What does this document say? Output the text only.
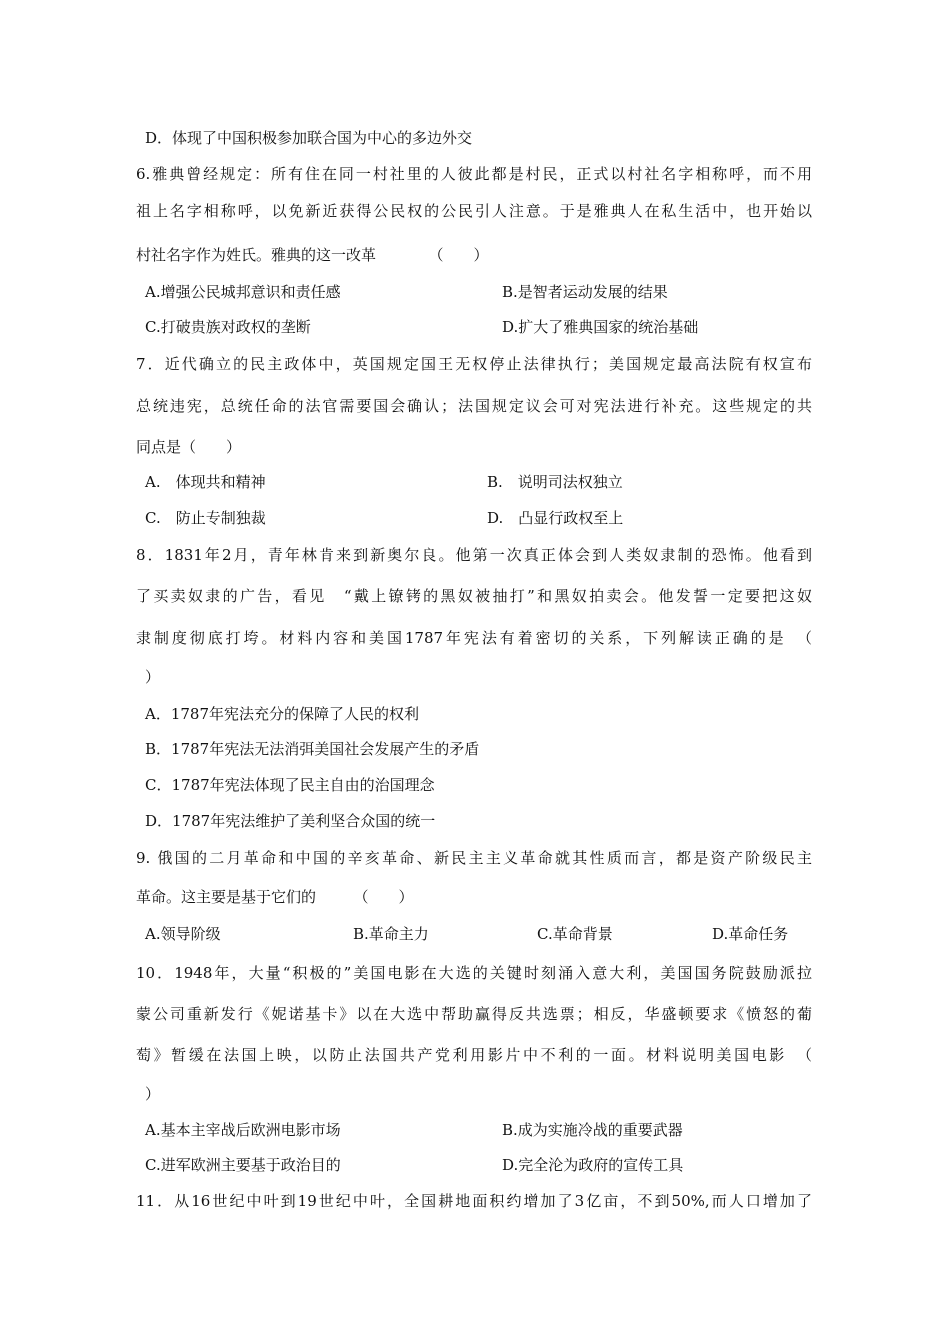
D．体现了中国积极参加联合国为中心的多边外交
6.雅典曾经规定：所有住在同一村社里的人彼此都是村民，正式以村社名字相称呼，而不用
祖上名字相称呼，以免新近获得公民权的公民引人注意。于是雅典人在私生活中，也开始以
村社名字作为姓氏。雅典的这一改革　　　　（　　）
A.增强公民城邦意识和责任感	B.是智者运动发展的结果
C.打破贵族对政权的垄断	D.扩大了雅典国家的统治基础
7．近代确立的民主政体中，英国规定国王无权停止法律执行；美国规定最高法院有权宣布
总统违宪，总统任命的法官需要国会确认；法国规定议会可对宪法进行补充。这些规定的共
同点是（　　）
A.　体现共和精神	B.　说明司法权独立
C.　防止专制独裁	D.　凸显行政权至上
8．1831年2月，青年林肯来到新奥尔良。他第一次真正体会到人类奴隶制的恐怖。他看到
了买卖奴隶的广告，看见　“戴上镣铐的黑奴被抽打”和黑奴拍卖会。他发誓一定要把这奴
隶制度彻底打垮。材料内容和美国1787年宪法有着密切的关系，下列解读正确的是　（
）
A．1787年宪法充分的保障了人民的权利
B．1787年宪法无法消弭美国社会发展产生的矛盾
C．1787年宪法体现了民主自由的治国理念
D．1787年宪法维护了美利坚合众国的统一
9. 俄国的二月革命和中国的辛亥革命、新民主主义革命就其性质而言，都是资产阶级民主
革命。这主要是基于它们的　　　（　　）
A.领导阶级	B.革命主力	C.革命背景	D.革命任务
10．1948年，大量“积极的”美国电影在大选的关键时刻涌入意大利，美国国务院鼓励派拉
蒙公司重新发行《妮诺基卡》以在大选中帮助赢得反共选票；相反，华盛顿要求《愤怒的葡
萄》暂缓在法国上映，以防止法国共产党利用影片中不利的一面。材料说明美国电影　（
）
A.基本主宰战后欧洲电影市场	B.成为实施冷战的重要武器
C.进军欧洲主要基于政治目的	D.完全沦为政府的宣传工具
11．从16世纪中叶到19世纪中叶，全国耕地面积约增加了3亿亩，不到50%,而人口增加了
